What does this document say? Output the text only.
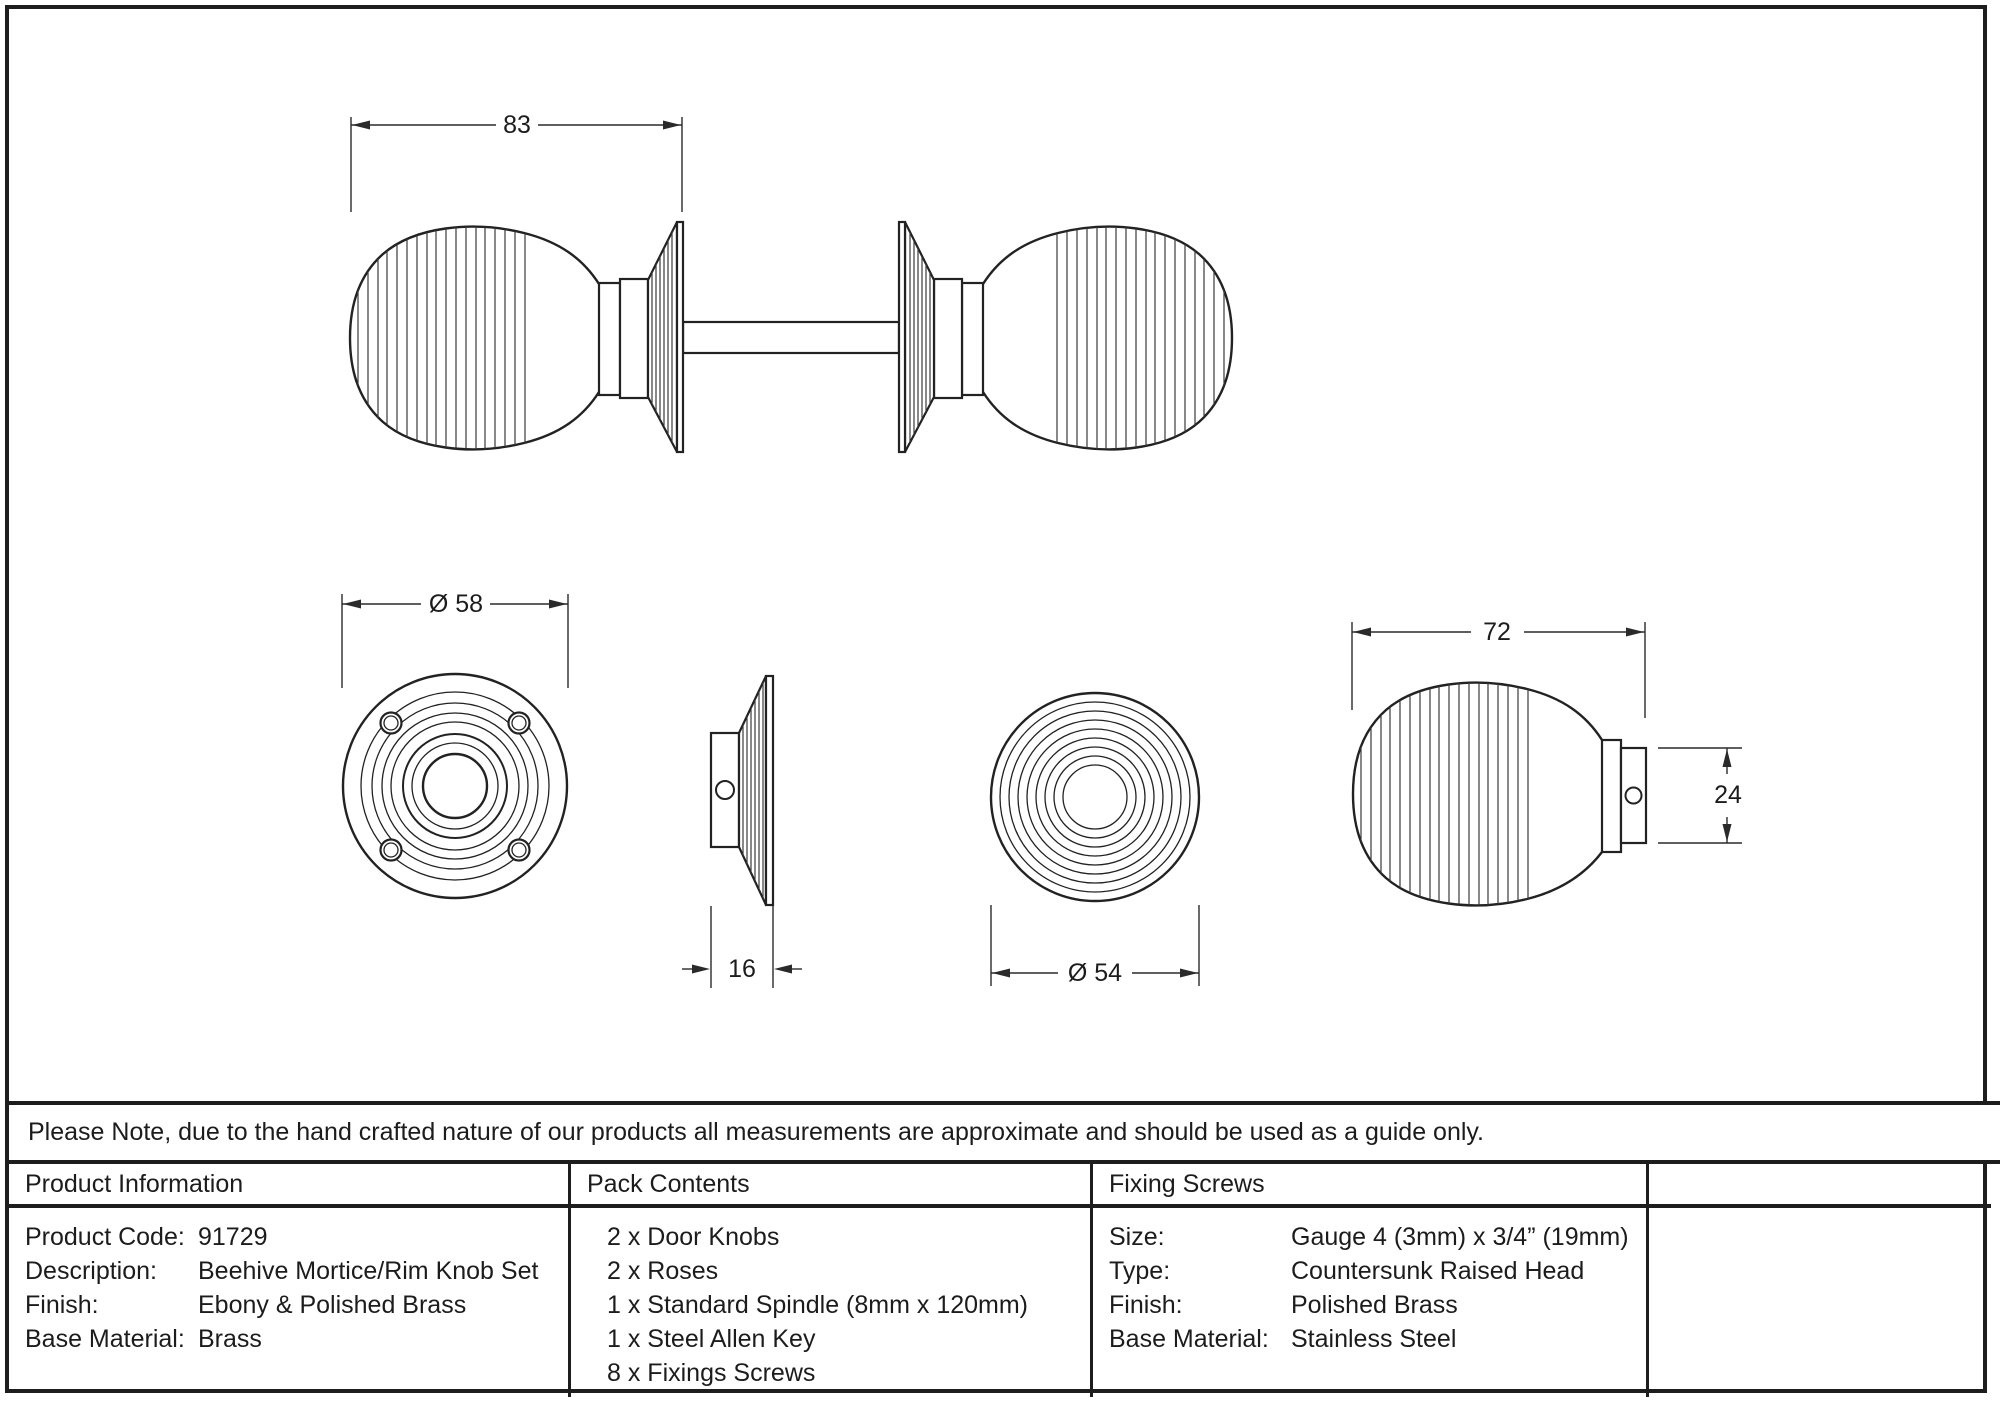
83
Ø 58
16	Ø 54
72
24
Please Note, due to the hand crafted nature of our products all measurements are approximate and should be used as a guide only.
Product Information	Pack Contents	Fixing Screws
Product Code: 91729
Description:	Beehive Mortice/Rim Knob Set
Finish:	Ebony & Polished Brass
Base Material: Brass
2 x Door Knobs
2 x Roses
1 x Standard Spindle (8mm x 120mm)
1 x Steel Allen Key
8 x Fixings Screws
Size:	Gauge 4 (3mm) x 3/4” (19mm)
Type:	Countersunk Raised Head
Finish:	Polished Brass
Base Material: Stainless Steel
